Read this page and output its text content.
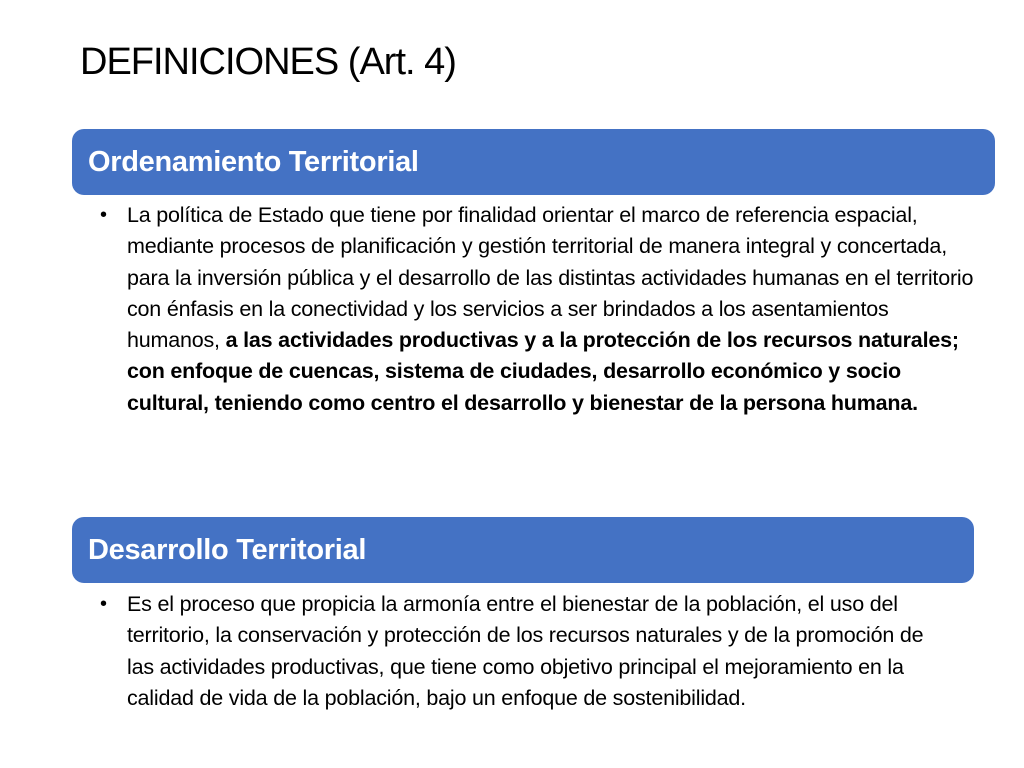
DEFINICIONES (Art. 4)
Ordenamiento Territorial
• La política de Estado que tiene por finalidad orientar el marco de referencia espacial, mediante procesos de planificación y gestión territorial de manera integral y concertada, para la inversión pública y el desarrollo de las distintas actividades humanas en el territorio con énfasis en la conectividad y los servicios a ser brindados a los asentamientos humanos, a las actividades productivas y a la protección de los recursos naturales; con enfoque de cuencas, sistema de ciudades, desarrollo económico y socio cultural, teniendo como centro el desarrollo y bienestar de la persona humana.
Desarrollo Territorial
• Es el proceso que propicia la armonía entre el bienestar de la población, el uso del territorio, la conservación y protección de los recursos naturales y de la promoción de las actividades productivas, que tiene como objetivo principal el mejoramiento en la calidad de vida de la población, bajo un enfoque de sostenibilidad.
